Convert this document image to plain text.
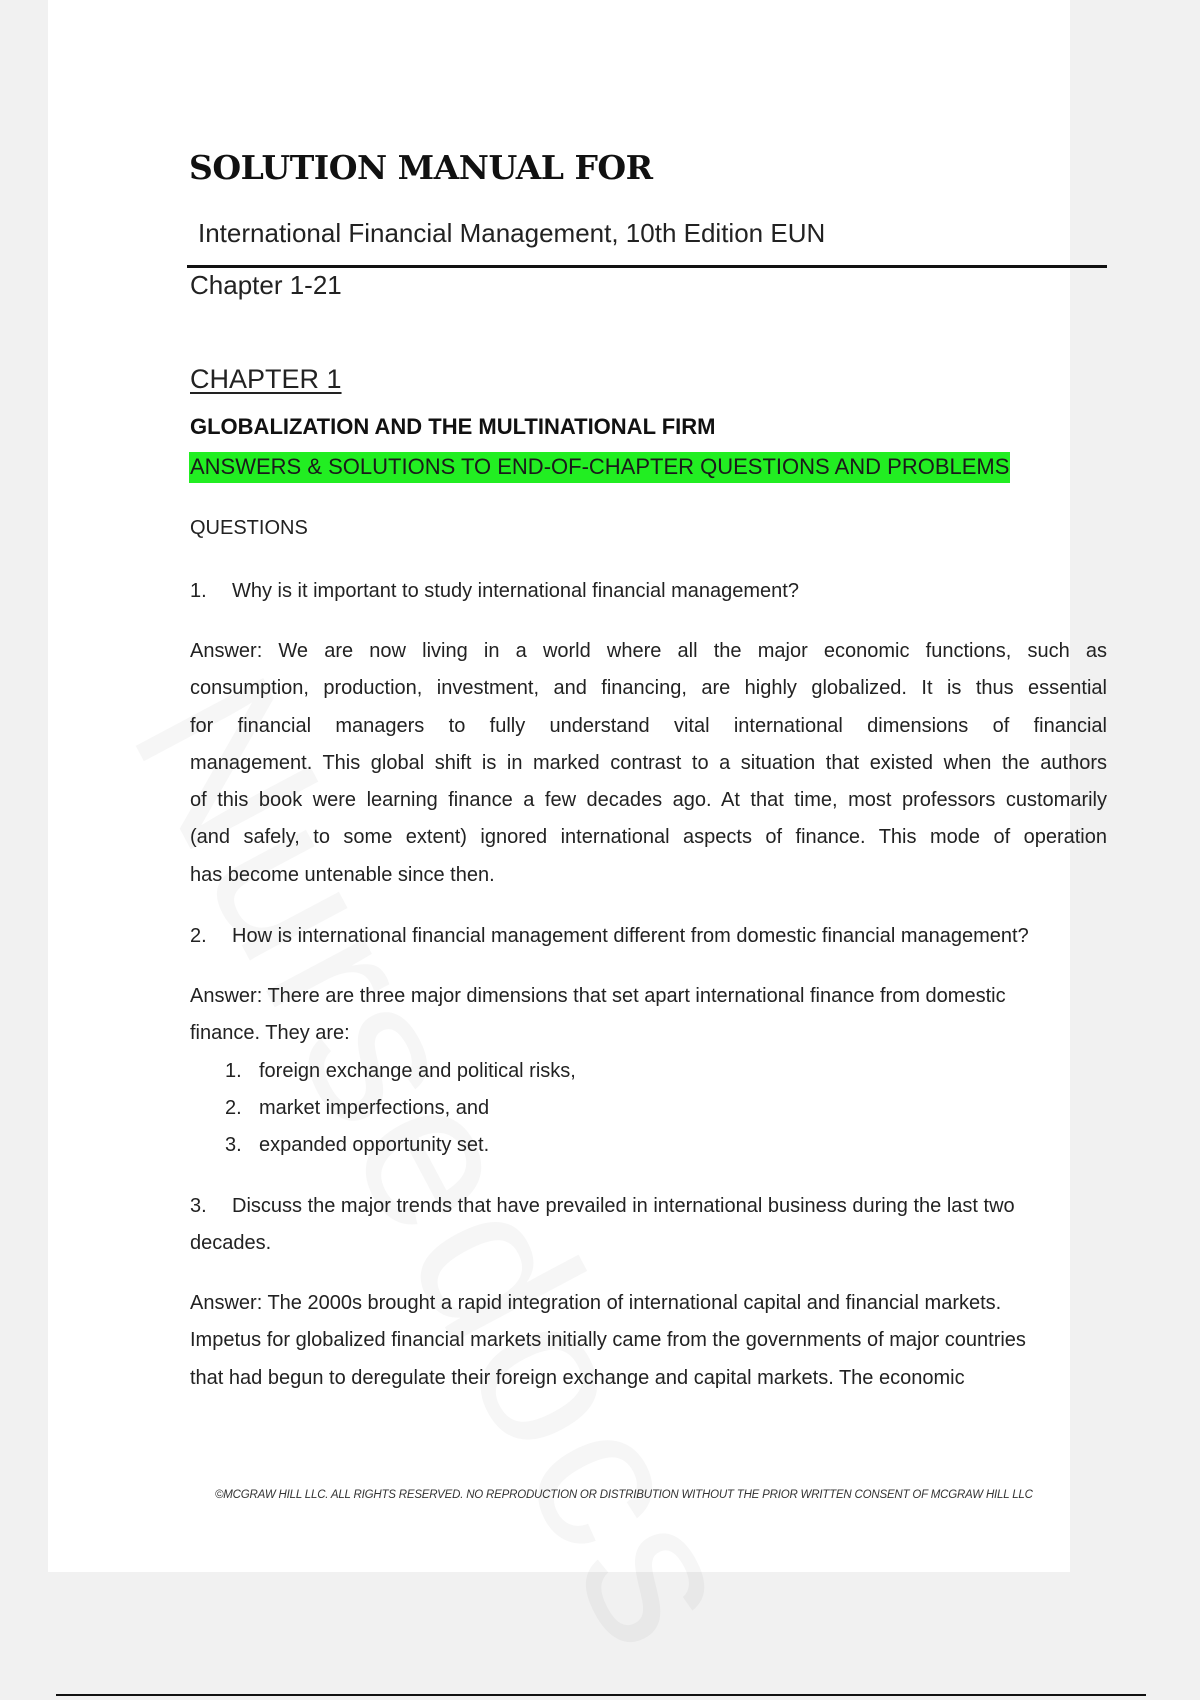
SOLUTION MANUAL FOR
International Financial Management, 10th Edition EUN
Chapter 1-21
CHAPTER 1
GLOBALIZATION AND THE MULTINATIONAL FIRM
ANSWERS & SOLUTIONS TO END-OF-CHAPTER QUESTIONS AND PROBLEMS
QUESTIONS
1. Why is it important to study international financial management?
Answer: We are now living in a world where all the major economic functions, such as
consumption, production, investment, and financing, are highly globalized. It is thus essential
for financial managers to fully understand vital international dimensions of financial
management. This global shift is in marked contrast to a situation that existed when the authors
of this book were learning finance a few decades ago. At that time, most professors customarily
(and safely, to some extent) ignored international aspects of finance. This mode of operation
has become untenable since then.
2. How is international financial management different from domestic financial management?
Answer: There are three major dimensions that set apart international finance from domestic
finance. They are:
1. foreign exchange and political risks,
2. market imperfections, and
3. expanded opportunity set.
3. Discuss the major trends that have prevailed in international business during the last two
decades.
Answer: The 2000s brought a rapid integration of international capital and financial markets.
Impetus for globalized financial markets initially came from the governments of major countries
that had begun to deregulate their foreign exchange and capital markets. The economic
©MCGRAW HILL LLC. ALL RIGHTS RESERVED. NO REPRODUCTION OR DISTRIBUTION WITHOUT THE PRIOR WRITTEN CONSENT OF MCGRAW HILL LLC
